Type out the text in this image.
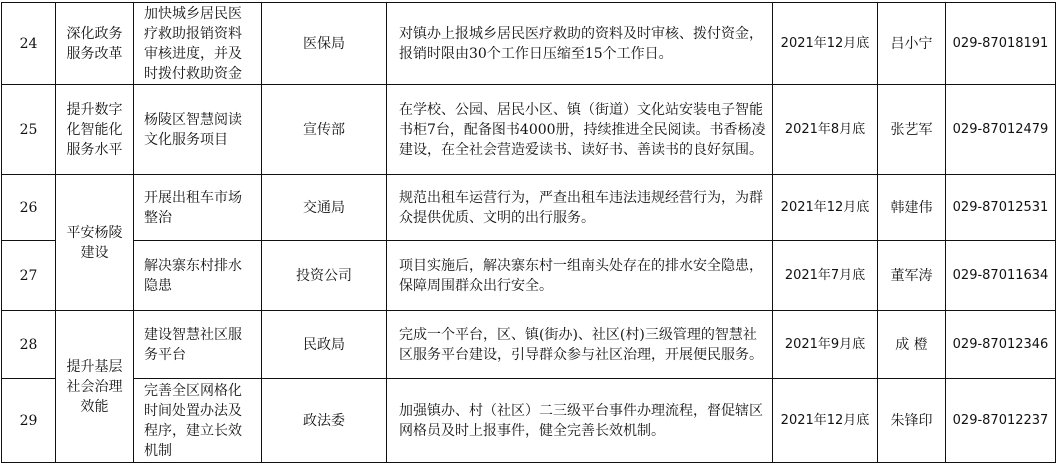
24	深化政务服务改革	加快城乡居民医疗救助报销资料审核进度，并及时拨付救助资金	医保局	对镇办上报城乡居民医疗救助的资料及时审核、拨付资金，报销时限由30个工作日压缩至15个工作日。	2021年12月底	吕小宁	029-87018191
25	提升数字化智能化服务水平	杨陵区智慧阅读文化服务项目	宣传部	在学校、公园、居民小区、镇（街道）文化站安装电子智能书柜7台，配备图书4000册，持续推进全民阅读。书香杨凌建设，在全社会营造爱读书、读好书、善读书的良好氛围。	2021年8月底	张艺军	029-87012479
26	平安杨陵建设	开展出租车市场整治	交通局	规范出租车运营行为，严查出租车违法违规经营行为，为群众提供优质、文明的出行服务。	2021年12月底	韩建伟	029-87012531
27		解决寨东村排水隐患	投资公司	项目实施后，解决寨东村一组南头处存在的排水安全隐患，保障周围群众出行安全。	2021年7月底	董军涛	029-87011634
28	提升基层社会治理效能	建设智慧社区服务平台	民政局	完成一个平台，区、镇(街办)、社区(村)三级管理的智慧社区服务平台建设，引导群众参与社区治理，开展便民服务。	2021年9月底	成 橙	029-87012346
29		完善全区网格化时间处置办法及程序，建立长效机制	政法委	加强镇办、村（社区）二三级平台事件办理流程，督促辖区网格员及时上报事件，健全完善长效机制。	2021年12月底	朱锋印	029-87012237
